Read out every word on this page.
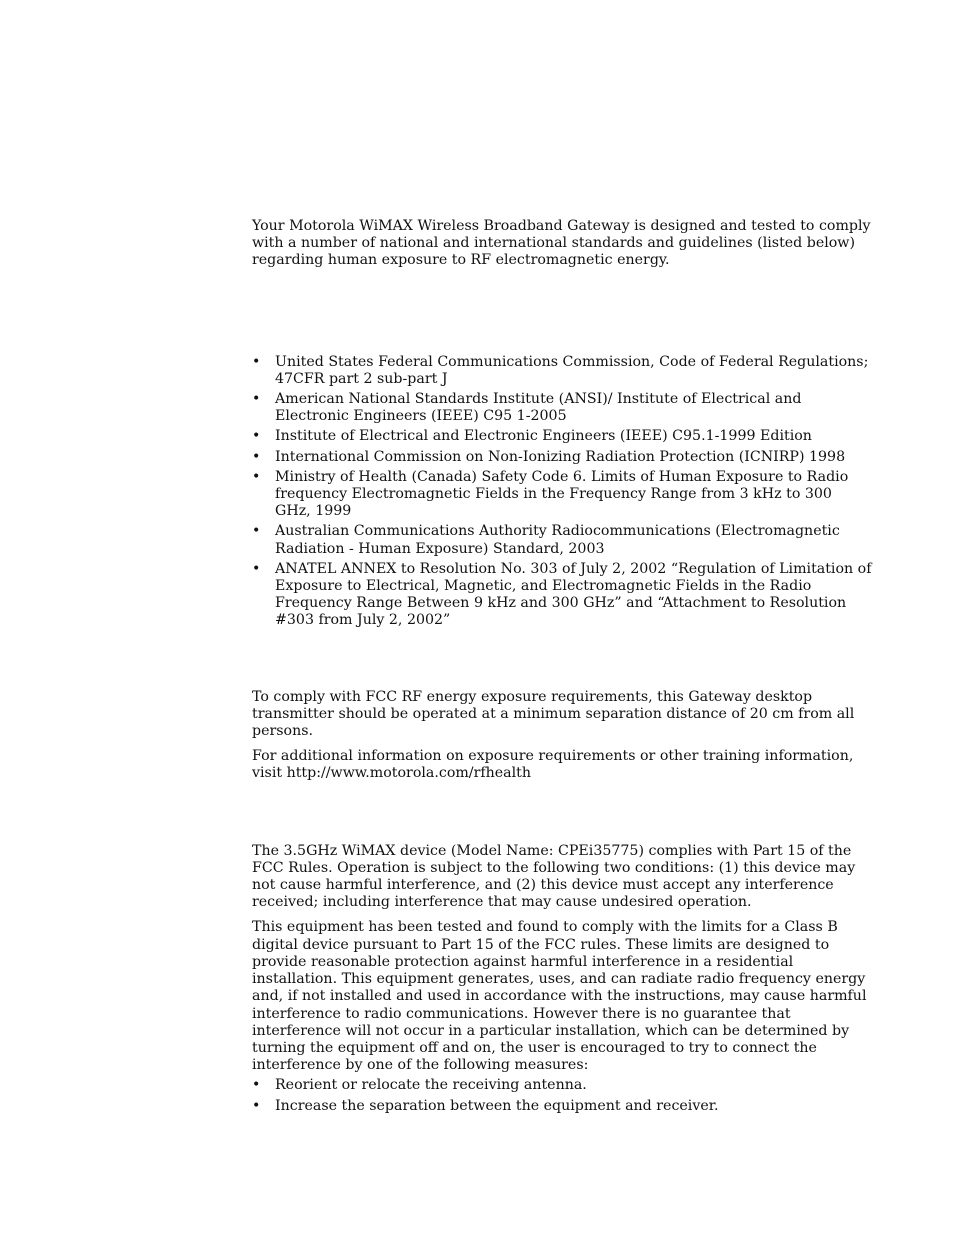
Your Motorola WiMAX Wireless Broadband Gateway is designed and tested to comply with a number of national and international standards and guidelines (listed below) regarding human exposure to RF electromagnetic energy.

• United States Federal Communications Commission, Code of Federal Regulations; 47CFR part 2 sub-part J
• American National Standards Institute (ANSI)/ Institute of Electrical and Electronic Engineers (IEEE) C95 1-2005
• Institute of Electrical and Electronic Engineers (IEEE) C95.1-1999 Edition
• International Commission on Non-Ionizing Radiation Protection (ICNIRP) 1998
• Ministry of Health (Canada) Safety Code 6. Limits of Human Exposure to Radio frequency Electromagnetic Fields in the Frequency Range from 3 kHz to 300 GHz, 1999
• Australian Communications Authority Radiocommunications (Electromagnetic Radiation - Human Exposure) Standard, 2003
• ANATEL ANNEX to Resolution No. 303 of July 2, 2002 “Regulation of Limitation of Exposure to Electrical, Magnetic, and Electromagnetic Fields in the Radio Frequency Range Between 9 kHz and 300 GHz” and “Attachment to Resolution #303 from July 2, 2002”

To comply with FCC RF energy exposure requirements, this Gateway desktop transmitter should be operated at a minimum separation distance of 20 cm from all persons.

For additional information on exposure requirements or other training information, visit http://www.motorola.com/rfhealth

The 3.5GHz WiMAX device (Model Name: CPEi35775) complies with Part 15 of the FCC Rules. Operation is subject to the following two conditions: (1) this device may not cause harmful interference, and (2) this device must accept any interference received; including interference that may cause undesired operation.

This equipment has been tested and found to comply with the limits for a Class B digital device pursuant to Part 15 of the FCC rules. These limits are designed to provide reasonable protection against harmful interference in a residential installation. This equipment generates, uses, and can radiate radio frequency energy and, if not installed and used in accordance with the instructions, may cause harmful interference to radio communications. However there is no guarantee that interference will not occur in a particular installation, which can be determined by turning the equipment off and on, the user is encouraged to try to connect the interference by one of the following measures:

• Reorient or relocate the receiving antenna.
• Increase the separation between the equipment and receiver.
